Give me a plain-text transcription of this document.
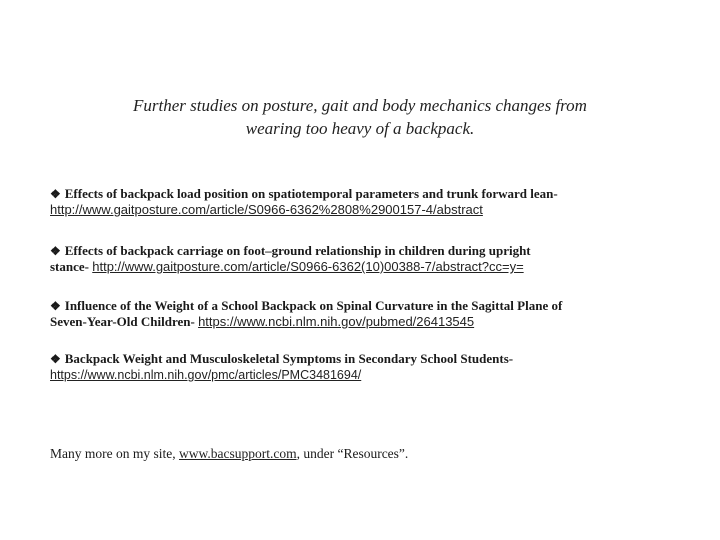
Further studies on posture, gait and body mechanics changes from
wearing too heavy of a backpack.
❖ Effects of backpack load position on spatiotemporal parameters and trunk forward lean-
http://www.gaitposture.com/article/S0966-6362%2808%2900157-4/abstract
❖ Effects of backpack carriage on foot–ground relationship in children during upright
stance- http://www.gaitposture.com/article/S0966-6362(10)00388-7/abstract?cc=y=
❖ Influence of the Weight of a School Backpack on Spinal Curvature in the Sagittal Plane of
Seven-Year-Old Children- https://www.ncbi.nlm.nih.gov/pubmed/26413545
❖ Backpack Weight and Musculoskeletal Symptoms in Secondary School Students-
https://www.ncbi.nlm.nih.gov/pmc/articles/PMC3481694/
Many more on my site, www.bacsupport.com, under “Resources”.
